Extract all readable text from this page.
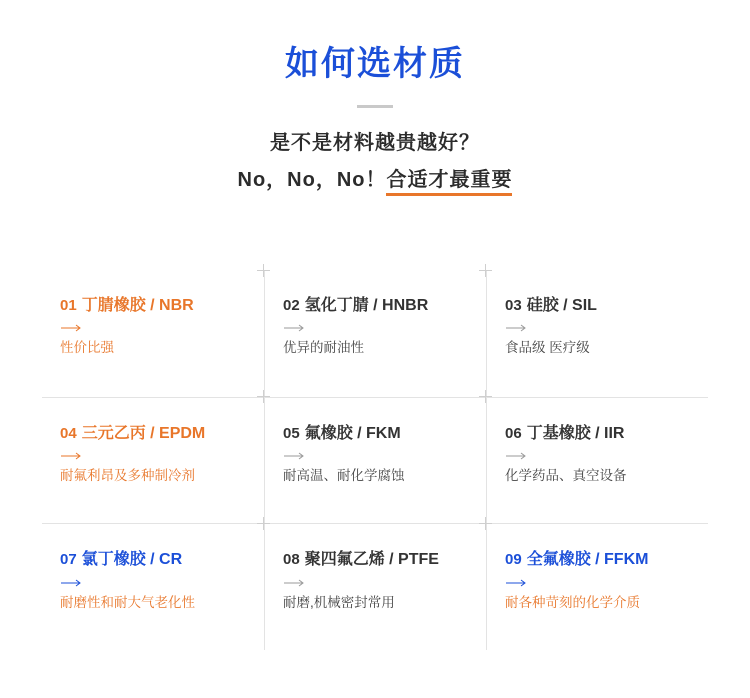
如何选材质

是不是材料越贵越好？

No，No，No！合适才最重要

01 丁腈橡胶 / NBR
性价比强
02 氢化丁腈 / HNBR
优异的耐油性
03 硅胶 / SIL
食品级 医疗级
04 三元乙丙 / EPDM
耐氟利昂及多种制冷剂
05 氟橡胶 / FKM
耐高温、耐化学腐蚀
06 丁基橡胶 / IIR
化学药品、真空设备
07 氯丁橡胶 / CR
耐磨性和耐大气老化性
08 聚四氟乙烯 / PTFE
耐磨,机械密封常用
09 全氟橡胶 / FFKM
耐各种苛刻的化学介质
